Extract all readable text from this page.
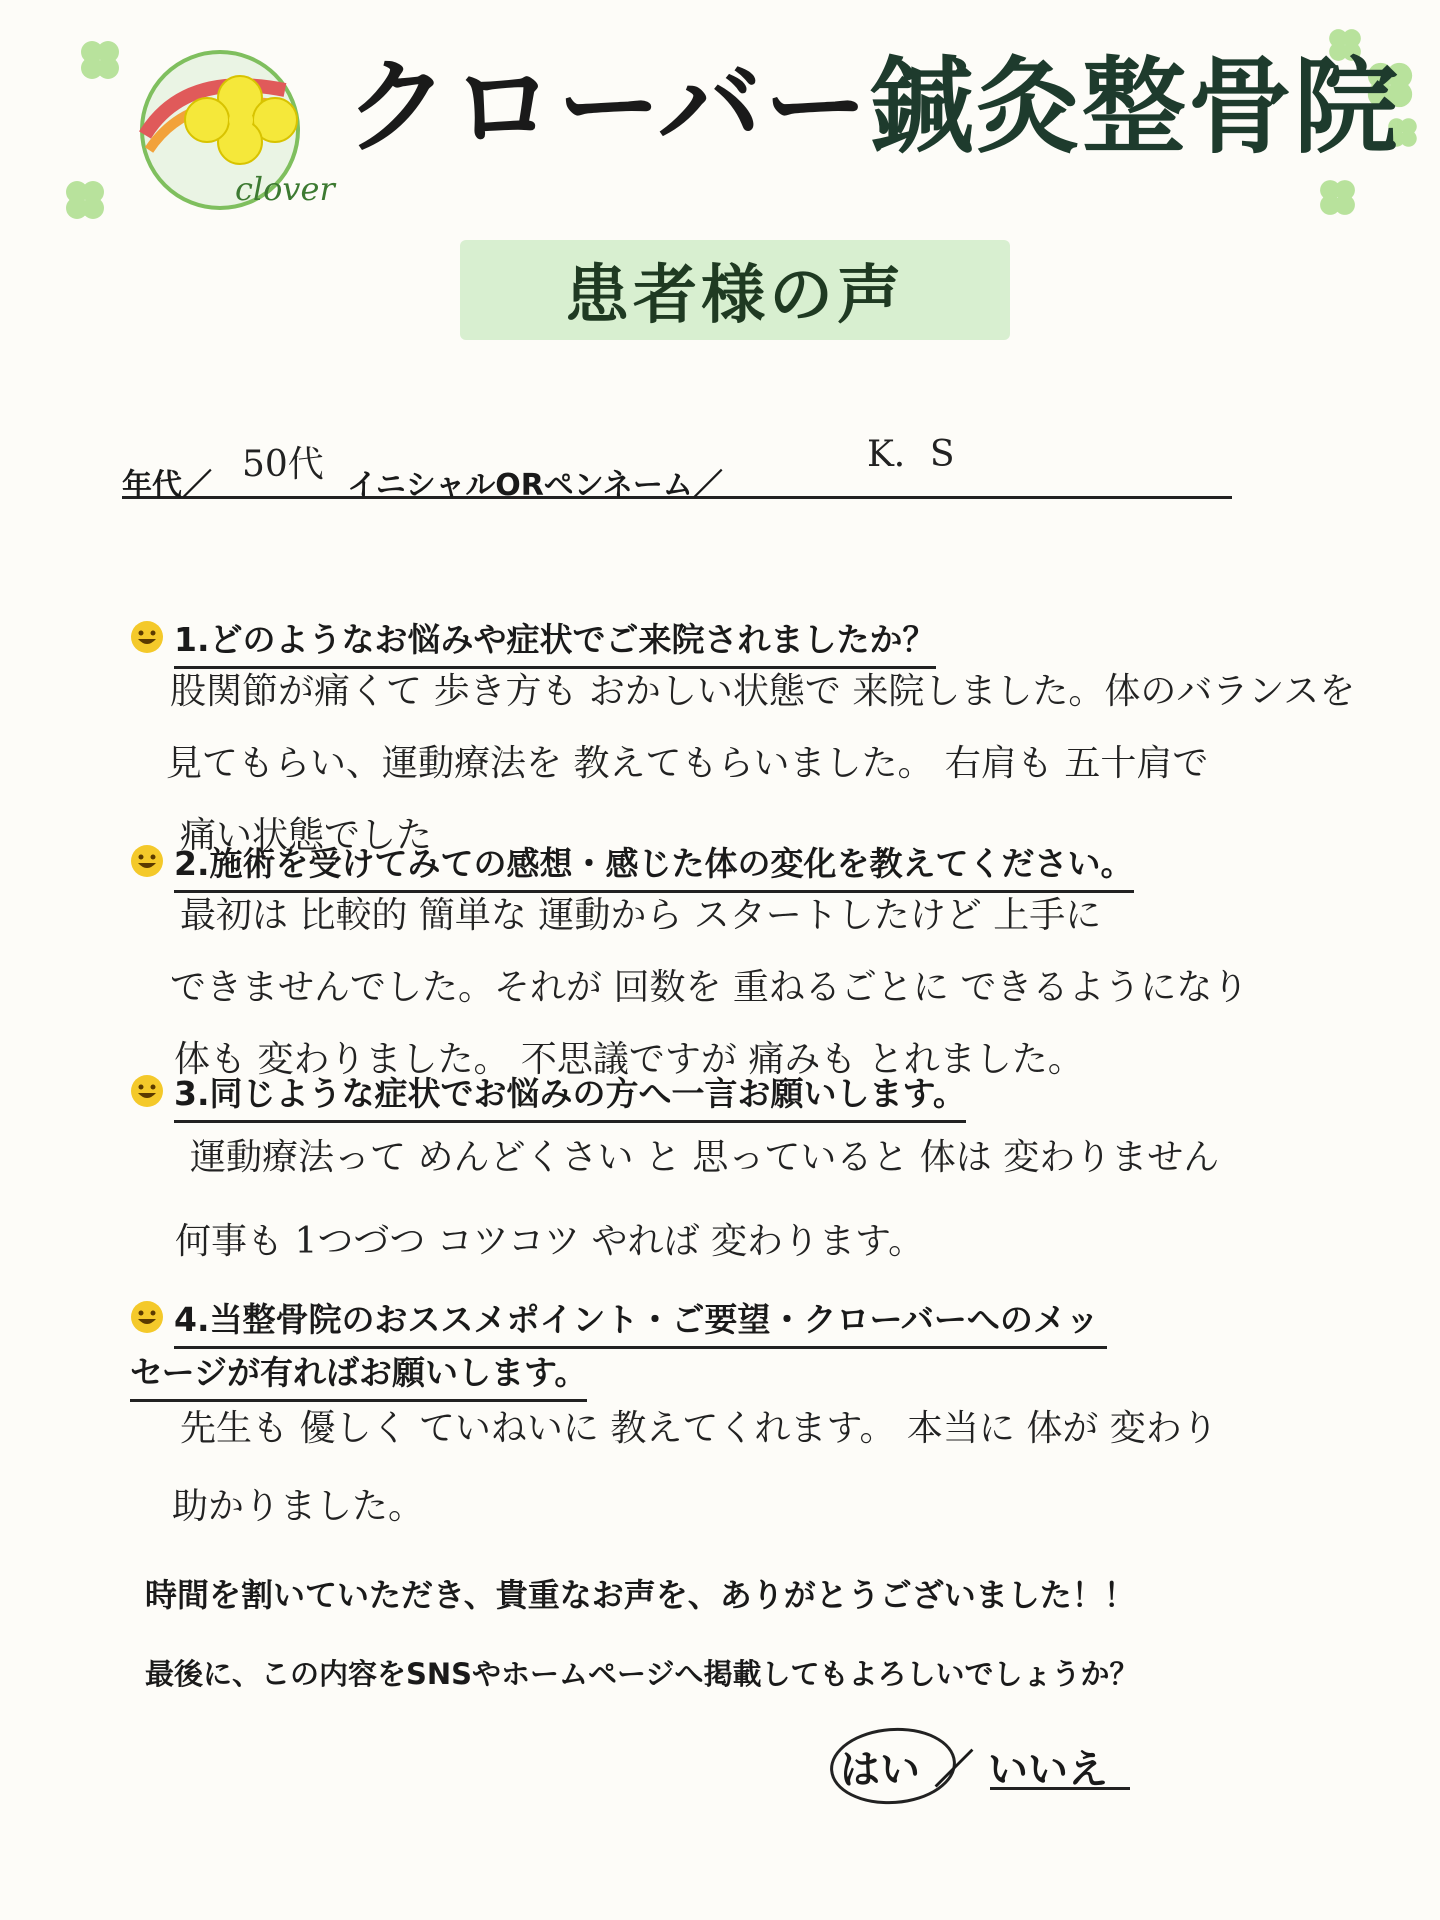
clover
クローバー鍼灸整骨院
患者様の声
年代／
50代
イニシャルORペンネーム／
K．S
1.どのようなお悩みや症状でご来院されましたか？
股関節が痛くて 歩き方も おかしい状態で 来院しました。体のバランスを
見てもらい、運動療法を 教えてもらいました。 右肩も 五十肩で
痛い状態でした
2.施術を受けてみての感想・感じた体の変化を教えてください。
最初は 比較的 簡単な 運動から スタートしたけど 上手に
できませんでした。それが 回数を 重ねるごとに できるようになり
体も 変わりました。 不思議ですが 痛みも とれました。
3.同じような症状でお悩みの方へ一言お願いします。
運動療法って めんどくさい と 思っていると 体は 変わりません
何事も 1つづつ コツコツ やれば 変わります。
4.当整骨院のおススメポイント・ご要望・クローバーへのメッ
セージが有ればお願いします。
先生も 優しく ていねいに 教えてくれます。 本当に 体が 変わり
助かりました。
時間を割いていただき、貴重なお声を、ありがとうございました！！
最後に、この内容をSNSやホームページへ掲載してもよろしいでしょうか？
はい ／ いいえ
